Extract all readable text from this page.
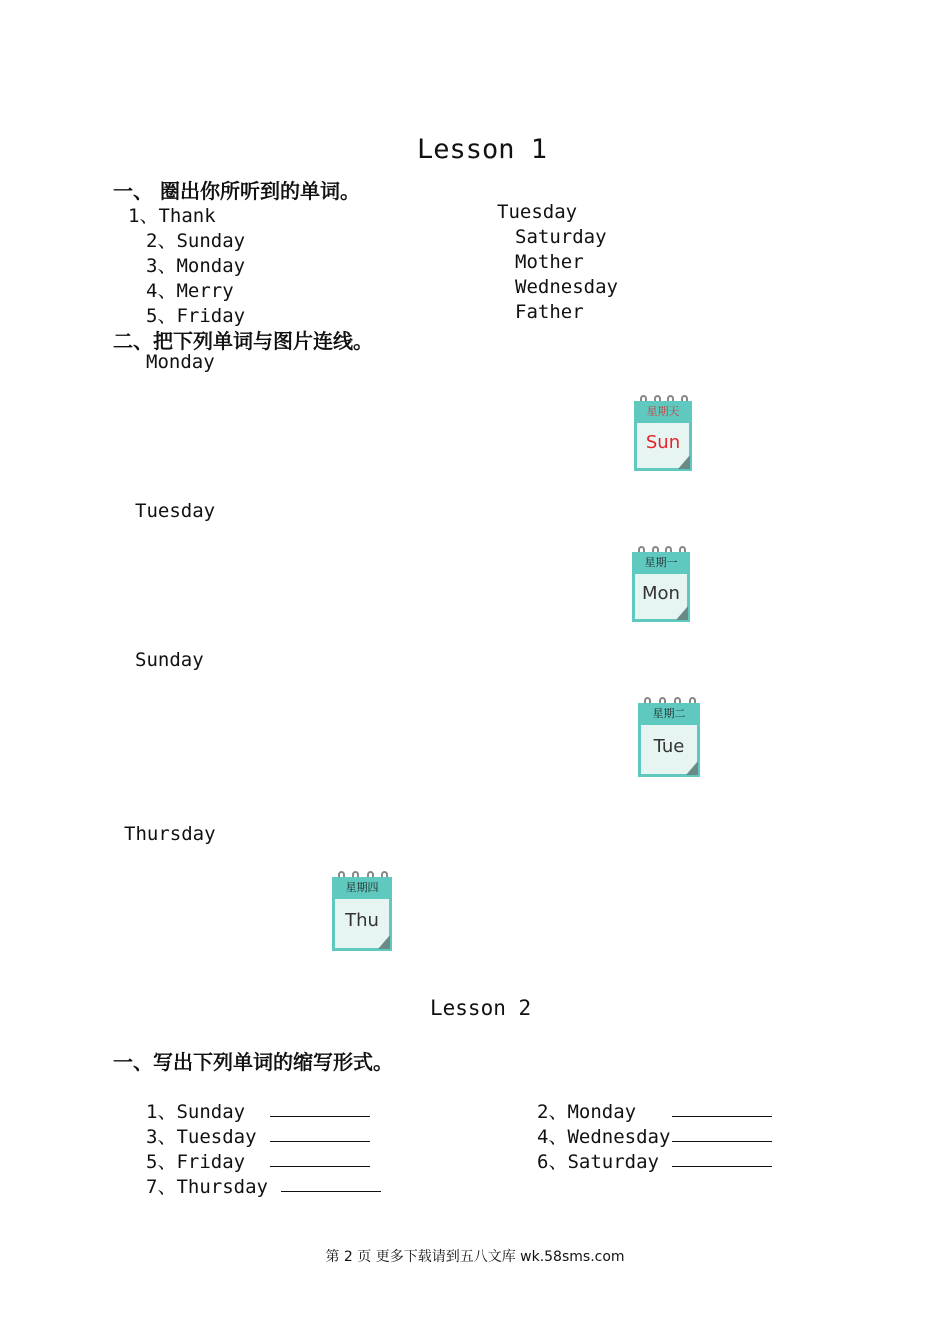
Lesson 1
一、 圈出你所听到的单词。
1、Thank
2、Sunday
3、Monday
4、Merry
5、Friday
Tuesday
Saturday
Mother
Wednesday
Father
二、把下列单词与图片连线。
Monday
Tuesday
Sunday
Thursday
星期天
Sun
星期一
Mon
星期二
Tue
星期四
Thu
Lesson 2
一、写出下列单词的缩写形式。
1、Sunday	2、Monday
3、Tuesday	4、Wednesday
5、Friday	6、Saturday
7、Thursday
第 2 页 更多下载请到五八文库 wk.58sms.com
